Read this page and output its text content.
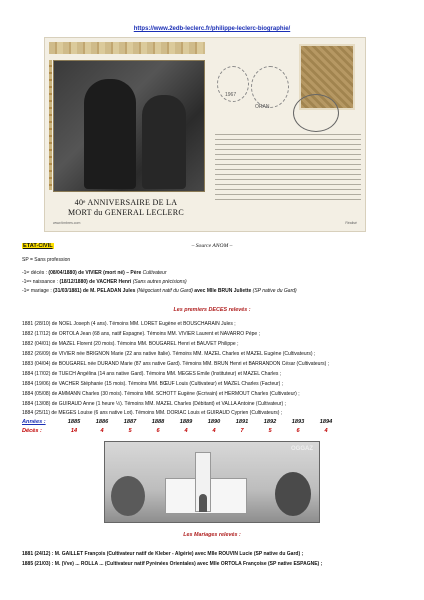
https://www.2edb-leclerc.fr/philippe-leclerc-biographie/
40ᵉ ANNIVERSAIRE DE LA
MORT du GENERAL LECLERC
ORAN
1967
www.timbres.com	Réalisé
– Source ANOM –
ETAT-CIVIL
SP = Sans profession
-1ᵉʳ décès : (08/04/1880) de VIVIER (mort né) – Père Cultivateur
-1ᵉʳᵉ naissance : (18/12/1880) de VACHER Henri (Sans autres précisions)
-1ᵉʳ mariage : (31/03/1881) de M. PELADAN Jules (Négociant natif du Gard) avec Mlle BRUN Juliette (SP native du Gard)
Les premiers DECES relevés :
1881 (28/10) de NOEL Joseph (4 ans). Témoins MM. LORET Eugène et BOUSCHARAIN Jules ;
1882 (17/12) de ORTOLA Jean (68 ans, natif Espagne). Témoins MM. VIVIER Laurent et NAVARRO Pépe ;
1882 (04/01) de MAZEL Florent (20 mois). Témoins MM. BOUGAREL Henri et BAUVET Philippe ;
1882 (26/09) de VIVIER née BRIGNON Marie (22 ans native Italie). Témoins MM. MAZEL Charles et MAZEL Eugène (Cultivateurs) ;
1883 (04/04) de BOUGAREL née DURAND Marie (87 ans native Gard). Témoins MM. BRUN Henri et BARRANDON César (Cultivateurs) ;
1884 (17/02) de TUECH Angélina (14 ans native Gard). Témoins MM. MEGES Emile (Instituteur) et MAZEL Charles ;
1884 (19/06) de VACHER Stéphanie (15 mois). Témoins MM. BŒUF Louis (Cultivateur) et MAZEL Charles (Facteur) ;
1884 (05/08) de AMMANN Charles (30 mois). Témoins MM. SCHOTT Eugène (Ecrivain) et HERMOUT Charles (Cultivateur) ;
1884 (13/08) de GUIRAUD Anne (1 heure ½). Témoins MM. MAZEL Charles (Débitant) et VALLA Antoine (Cultivateur) ;
1884 (25/11) de MEGES Louise (6 ans native Lot). Témoins MM. DORIAC Louis et GUIRAUD Cyprien (Cultivateurs) ;
Années :	1885	1886	1887	1888	1889	1890	1891	1892	1893	1894
Décès :	14	4	5	6	4	4	7	5	6	4
OGGAZ
Les Mariages relevés :
1881 (24/12) : M. GAILLET François (Cultivateur natif de Kleber - Algérie) avec Mlle ROUVIN Lucie (SP native du Gard) ;
1885 (21/03) : M. (Vve) ... ROLLA ... (Cultivateur natif Pyrénées Orientales) avec Mlle ORTOLA Françoise (SP native ESPAGNE) ;
